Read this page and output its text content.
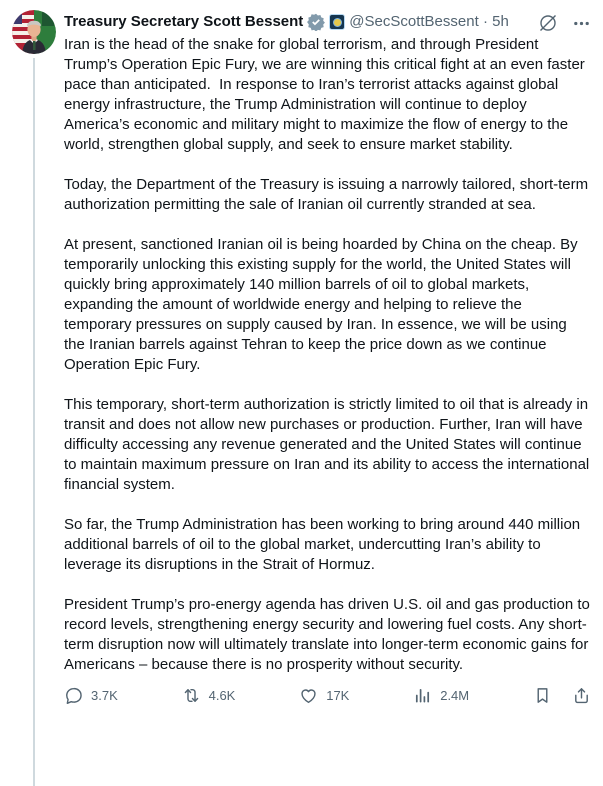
Treasury Secretary Scott Bessent	@SecScottBessent · 5h

Iran is the head of the snake for global terrorism, and through President Trump’s Operation Epic Fury, we are winning this critical fight at an even faster pace than anticipated.  In response to Iran’s terrorist attacks against global energy infrastructure, the Trump Administration will continue to deploy America’s economic and military might to maximize the flow of energy to the world, strengthen global supply, and seek to ensure market stability.

Today, the Department of the Treasury is issuing a narrowly tailored, short-term authorization permitting the sale of Iranian oil currently stranded at sea.

At present, sanctioned Iranian oil is being hoarded by China on the cheap. By temporarily unlocking this existing supply for the world, the United States will quickly bring approximately 140 million barrels of oil to global markets, expanding the amount of worldwide energy and helping to relieve the temporary pressures on supply caused by Iran. In essence, we will be using the Iranian barrels against Tehran to keep the price down as we continue Operation Epic Fury.

This temporary, short-term authorization is strictly limited to oil that is already in transit and does not allow new purchases or production. Further, Iran will have difficulty accessing any revenue generated and the United States will continue to maintain maximum pressure on Iran and its ability to access the international financial system.

So far, the Trump Administration has been working to bring around 440 million additional barrels of oil to the global market, undercutting Iran’s ability to leverage its disruptions in the Strait of Hormuz.

President Trump’s pro-energy agenda has driven U.S. oil and gas production to record levels, strengthening energy security and lowering fuel costs. Any short-term disruption now will ultimately translate into longer-term economic gains for Americans – because there is no prosperity without security.

3.7K	4.6K	17K	2.4M
